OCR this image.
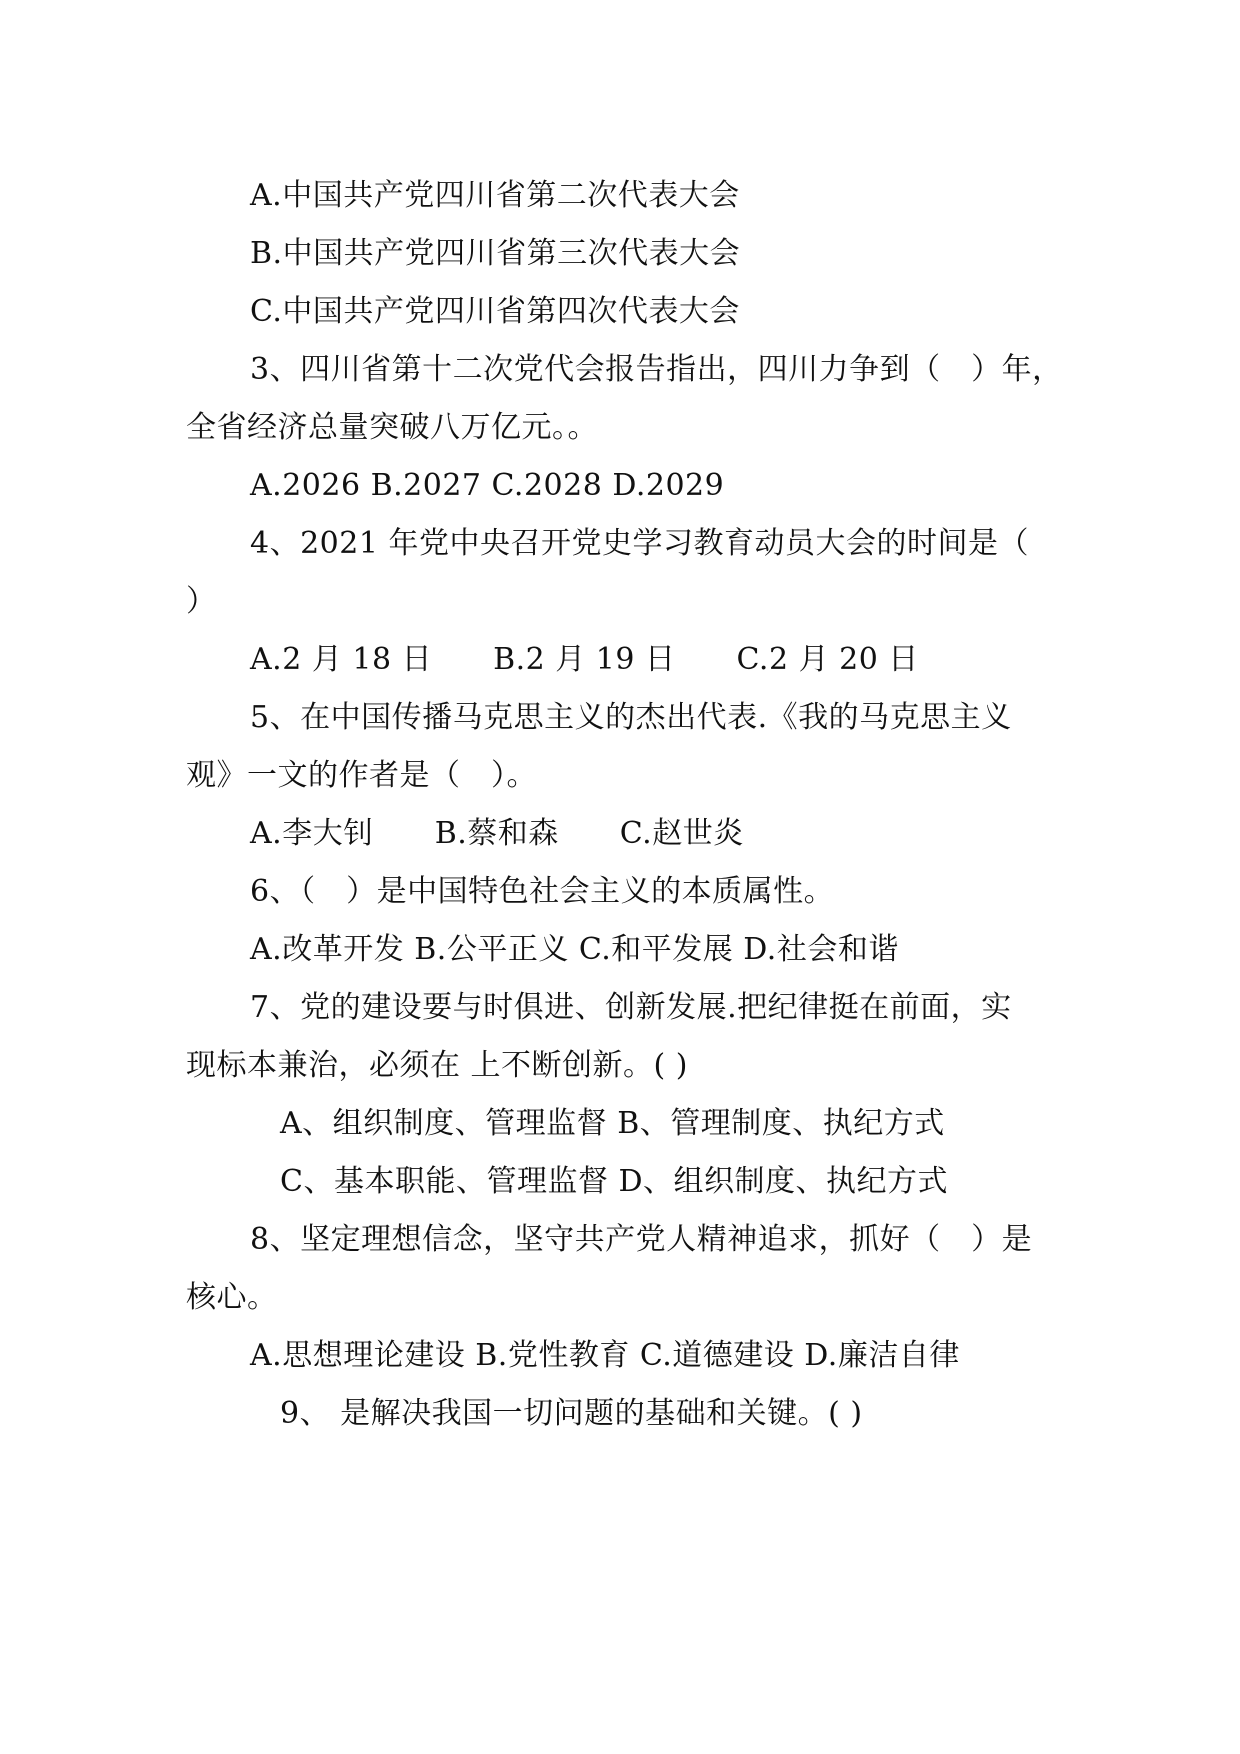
A.中国共产党四川省第二次代表大会
B.中国共产党四川省第三次代表大会
C.中国共产党四川省第四次代表大会
3、四川省第十二次党代会报告指出，四川力争到（　）年，
全省经济总量突破八万亿元。。
A.2026 B.2027 C.2028 D.2029
4、2021 年党中央召开党史学习教育动员大会的时间是（
）
A.2 月 18 日　　B.2 月 19 日　　C.2 月 20 日
5、在中国传播马克思主义的杰出代表.《我的马克思主义
观》一文的作者是（　）。
A.李大钊　　B.蔡和森　　C.赵世炎
6、（　）是中国特色社会主义的本质属性。
A.改革开发 B.公平正义 C.和平发展 D.社会和谐
7、党的建设要与时俱进、创新发展.把纪律挺在前面，实
现标本兼治，必须在 上不断创新。( )
A、组织制度、管理监督 B、管理制度、执纪方式
C、基本职能、管理监督 D、组织制度、执纪方式
8、坚定理想信念，坚守共产党人精神追求，抓好（　）是
核心。
A.思想理论建设 B.党性教育 C.道德建设 D.廉洁自律
9、 是解决我国一切问题的基础和关键。( )
